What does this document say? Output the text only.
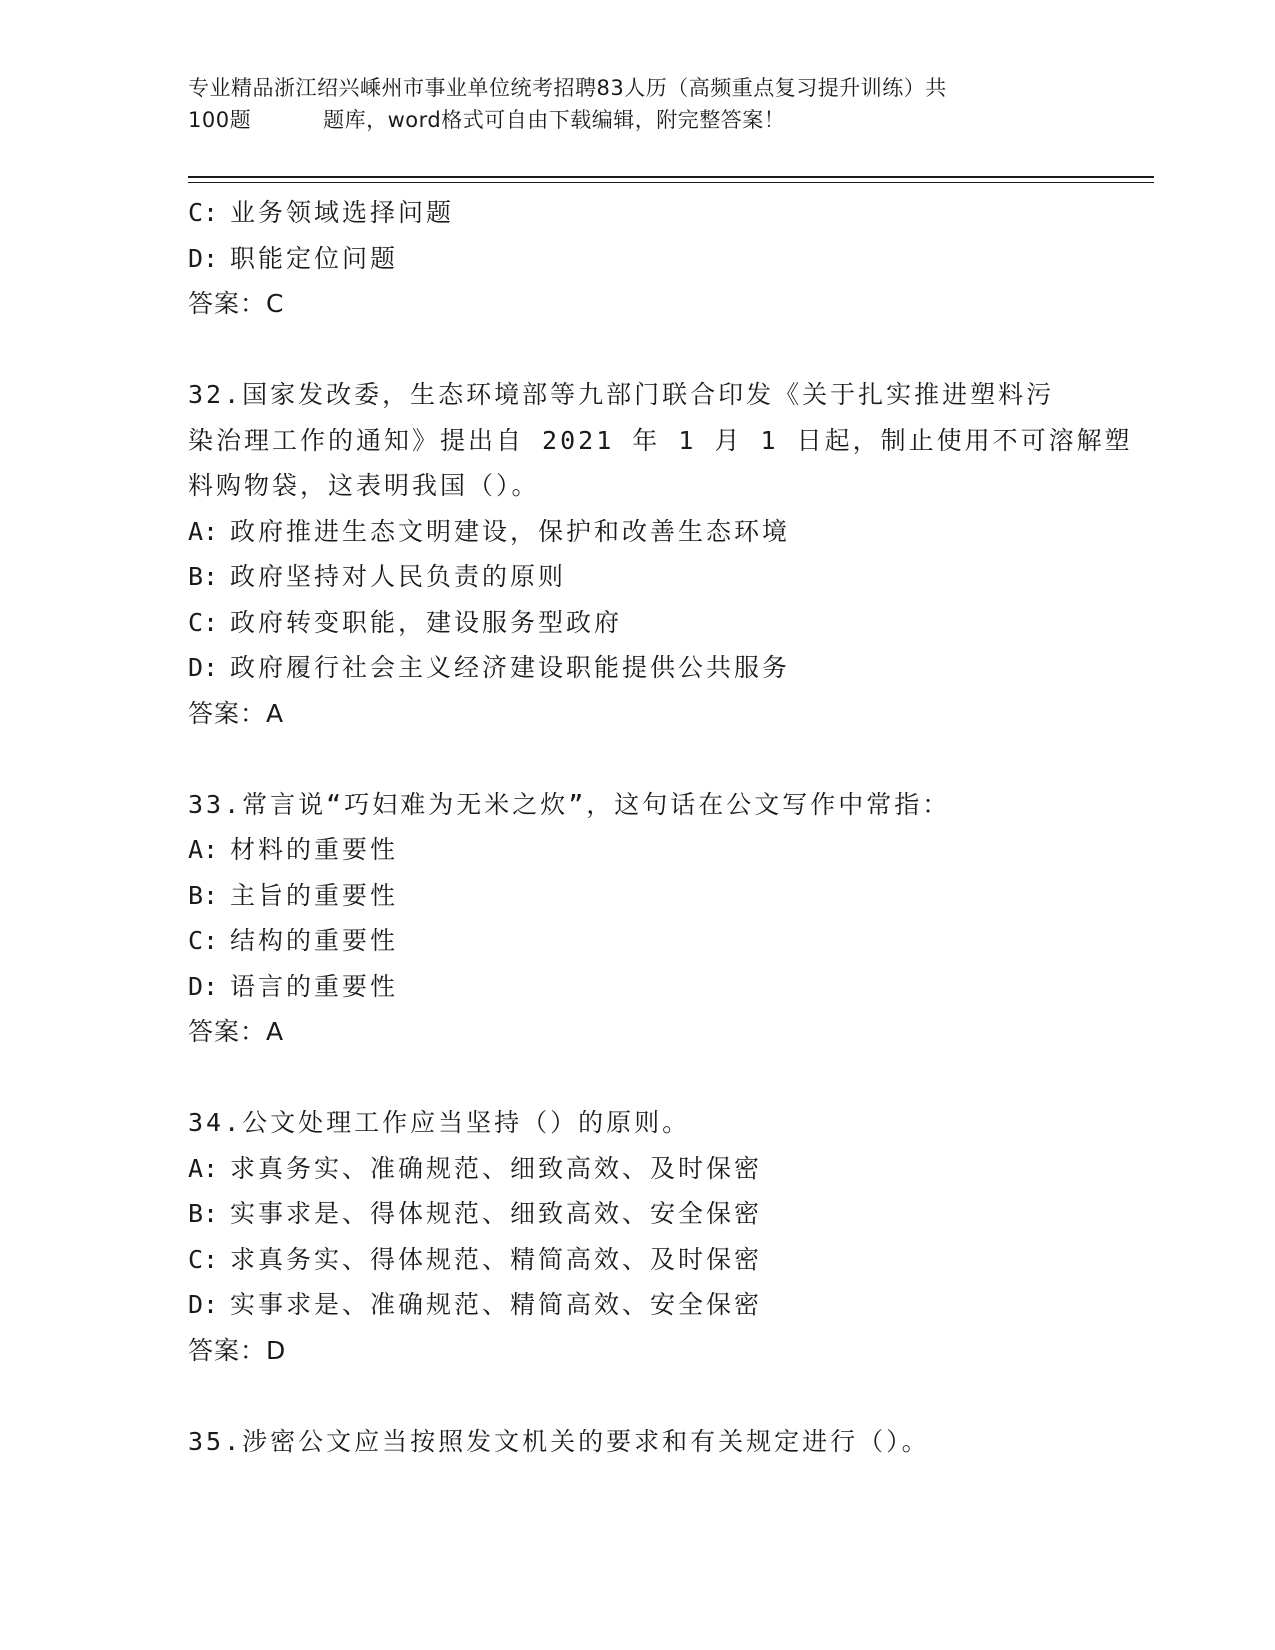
专业精品浙江绍兴嵊州市事业单位统考招聘83人历（高频重点复习提升训练）共
100题	题库，word格式可自由下载编辑，附完整答案！
C: 业务领域选择问题
D: 职能定位问题
答案：C
32.国家发改委，生态环境部等九部门联合印发《关于扎实推进塑料污
染治理工作的通知》提出自 2021 年 1 月 1 日起，制止使用不可溶解塑
料购物袋，这表明我国（）。
A: 政府推进生态文明建设，保护和改善生态环境
B: 政府坚持对人民负责的原则
C: 政府转变职能，建设服务型政府
D: 政府履行社会主义经济建设职能提供公共服务
答案：A
33.常言说“巧妇难为无米之炊”，这句话在公文写作中常指：
A: 材料的重要性
B: 主旨的重要性
C: 结构的重要性
D: 语言的重要性
答案：A
34.公文处理工作应当坚持（）的原则。
A: 求真务实、准确规范、细致高效、及时保密
B: 实事求是、得体规范、细致高效、安全保密
C: 求真务实、得体规范、精简高效、及时保密
D: 实事求是、准确规范、精简高效、安全保密
答案：D
35.涉密公文应当按照发文机关的要求和有关规定进行（）。
